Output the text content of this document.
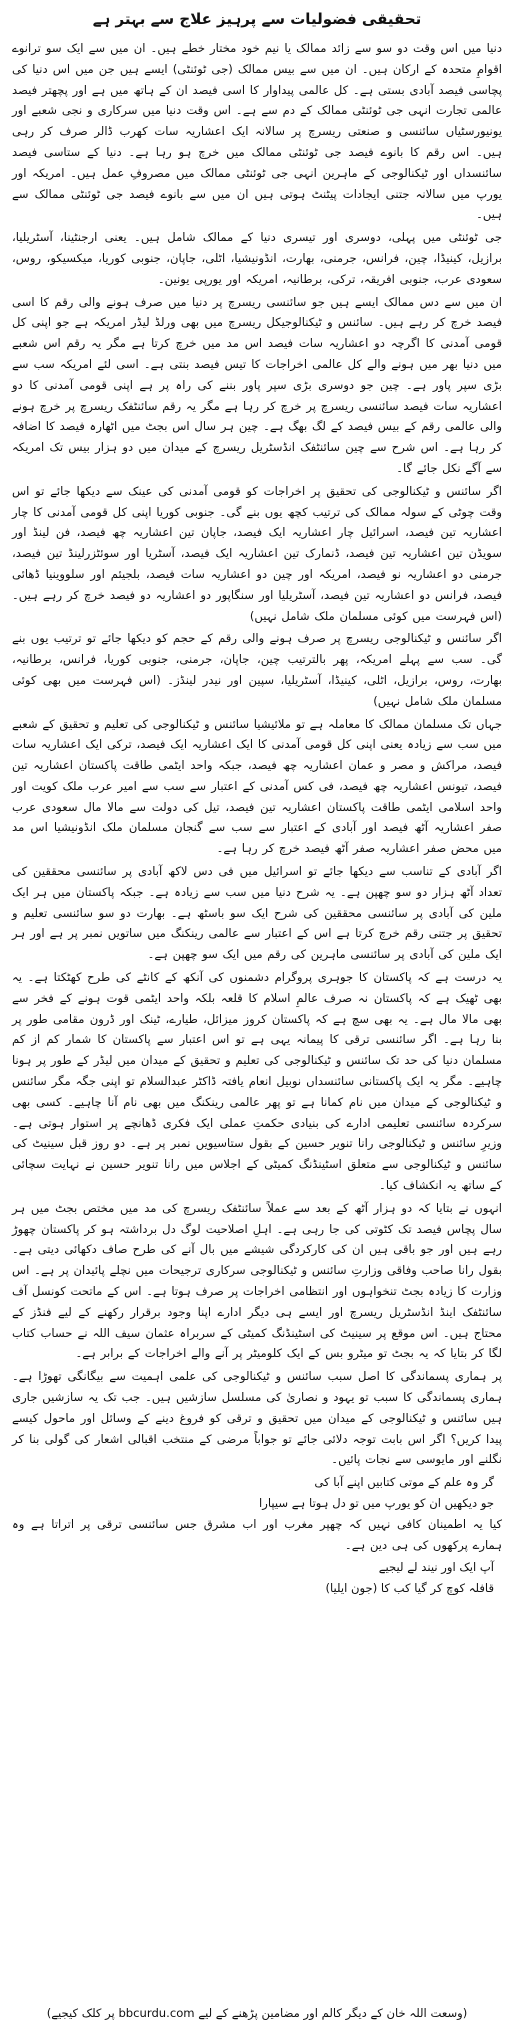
تحقیقی فضولیات سے پرہیز علاج سے بہتر ہے

دنیا میں اس وقت دو سو سے زائد ممالک یا نیم خود مختار خطے ہیں۔ ان میں سے ایک سو ترانوے اقوامِ متحدہ کے ارکان ہیں۔ ان میں سے بیس ممالک (جی ٹوئنٹی) ایسے ہیں جن میں اس دنیا کی پچاسی فیصد آبادی بستی ہے۔ کل عالمی پیداوار کا اسی فیصد ان کے ہاتھ میں ہے اور پچھتر فیصد عالمی تجارت انہی جی ٹوئنٹی ممالک کے دم سے ہے۔ اس وقت دنیا میں سرکاری و نجی شعبے اور یونیورسٹیاں سائنسی و صنعتی ریسرچ پر سالانہ ایک اعشاریہ سات کھرب ڈالر صرف کر رہی ہیں۔ اس رقم کا بانوے فیصد جی ٹوئنٹی ممالک میں خرچ ہو رہا ہے۔ دنیا کے ستاسی فیصد سائنسداں اور ٹیکنالوجی کے ماہرین انہی جی ٹوئنٹی ممالک میں مصروفِ عمل ہیں۔ امریکہ اور یورپ میں سالانہ جتنی ایجادات پیٹنٹ ہوتی ہیں ان میں سے بانوے فیصد جی ٹوئنٹی ممالک سے ہیں۔

جی ٹوئنٹی میں پہلی، دوسری اور تیسری دنیا کے ممالک شامل ہیں۔ یعنی ارجنٹینا، آسٹریلیا، برازیل، کینیڈا، چین، فرانس، جرمنی، بھارت، انڈونیشیا، اٹلی، جاپان، جنوبی کوریا، میکسیکو، روس، سعودی عرب، جنوبی افریقہ، ترکی، برطانیہ، امریکہ اور یورپی یونین۔

ان میں سے دس ممالک ایسے ہیں جو سائنسی ریسرچ پر دنیا میں صرف ہونے والی رقم کا اسی فیصد خرچ کر رہے ہیں۔ سائنس و ٹیکنالوجیکل ریسرچ میں بھی ورلڈ لیڈر امریکہ ہے جو اپنی کل قومی آمدنی کا اگرچہ دو اعشاریہ سات فیصد اس مد میں خرچ کرتا ہے مگر یہ رقم اس شعبے میں دنیا بھر میں ہونے والے کل عالمی اخراجات کا تیس فیصد بنتی ہے۔ اسی لئے امریکہ سب سے بڑی سپر پاور ہے۔ چین جو دوسری بڑی سپر پاور بننے کی راہ پر ہے اپنی قومی آمدنی کا دو اعشاریہ سات فیصد سائنسی ریسرچ پر خرچ کر رہا ہے مگر یہ رقم سائنٹفک ریسرچ پر خرچ ہونے والی عالمی رقم کے بیس فیصد کے لگ بھگ ہے۔ چین ہر سال اس بجٹ میں اٹھارہ فیصد کا اضافہ کر رہا ہے۔ اس شرح سے چین سائنٹفک انڈسٹریل ریسرچ کے میدان میں دو ہزار بیس تک امریکہ سے آگے نکل جائے گا۔

اگر سائنس و ٹیکنالوجی کی تحقیق پر اخراجات کو قومی آمدنی کی عینک سے دیکھا جائے تو اس وقت چوٹی کے سولہ ممالک کی ترتیب کچھ یوں بنے گی۔ جنوبی کوریا اپنی کل قومی آمدنی کا چار اعشاریہ تین فیصد، اسرائیل چار اعشاریہ ایک فیصد، جاپان تین اعشاریہ چھ فیصد، فن لینڈ اور سویڈن تین اعشاریہ تین فیصد، ڈنمارک تین اعشاریہ ایک فیصد، آسٹریا اور سوئٹزرلینڈ تین فیصد، جرمنی دو اعشاریہ نو فیصد، امریکہ اور چین دو اعشاریہ سات فیصد، بلجیئم اور سلووینیا ڈھائی فیصد، فرانس دو اعشاریہ تین فیصد، آسٹریلیا اور سنگاپور دو اعشاریہ دو فیصد خرچ کر رہے ہیں۔ (اس فہرست میں کوئی مسلمان ملک شامل نہیں)

اگر سائنس و ٹیکنالوجی ریسرچ پر صرف ہونے والی رقم کے حجم کو دیکھا جائے تو ترتیب یوں بنے گی۔ سب سے پہلے امریکہ، پھر بالترتیب چین، جاپان، جرمنی، جنوبی کوریا، فرانس، برطانیہ، بھارت، روس، برازیل، اٹلی، کینیڈا، آسٹریلیا، سپین اور نیدر لینڈز۔ (اس فہرست میں بھی کوئی مسلمان ملک شامل نہیں)

جہاں تک مسلمان ممالک کا معاملہ ہے تو ملائیشیا سائنس و ٹیکنالوجی کی تعلیم و تحقیق کے شعبے میں سب سے زیادہ یعنی اپنی کل قومی آمدنی کا ایک اعشاریہ ایک فیصد، ترکی ایک اعشاریہ سات فیصد، مراکش و مصر و عمان اعشاریہ چھ فیصد، جبکہ واحد ایٹمی طاقت پاکستان اعشاریہ تین فیصد، تیونس اعشاریہ چھ فیصد، فی کس آمدنی کے اعتبار سے سب سے امیر عرب ملک کویت اور واحد اسلامی ایٹمی طاقت پاکستان اعشاریہ تین فیصد، تیل کی دولت سے مالا مال سعودی عرب صفر اعشاریہ آٹھ فیصد اور آبادی کے اعتبار سے سب سے گنجان مسلمان ملک انڈونیشیا اس مد میں محض صفر اعشاریہ صفر آٹھ فیصد خرچ کر رہا ہے۔

اگر آبادی کے تناسب سے دیکھا جائے تو اسرائیل میں فی دس لاکھ آبادی پر سائنسی محققین کی تعداد آٹھ ہزار دو سو چھپن ہے۔ یہ شرح دنیا میں سب سے زیادہ ہے۔ جبکہ پاکستان میں ہر ایک ملین کی آبادی پر سائنسی محققین کی شرح ایک سو باسٹھ ہے۔ بھارت دو سو سائنسی تعلیم و تحقیق پر جتنی رقم خرچ کرتا ہے اس کے اعتبار سے عالمی رینکنگ میں ساتویں نمبر پر ہے اور ہر ایک ملین کی آبادی پر سائنسی ماہرین کی رقم میں ایک سو چھپن ہے۔

یہ درست ہے کہ پاکستان کا جوہری پروگرام دشمنوں کی آنکھ کے کانٹے کی طرح کھٹکتا ہے۔ یہ بھی ٹھیک ہے کہ پاکستان نہ صرف عالمِ اسلام کا قلعہ بلکہ واحد ایٹمی قوت ہونے کے فخر سے بھی مالا مال ہے۔ یہ بھی سچ ہے کہ پاکستان کروز میزائل، طیارے، ٹینک اور ڈرون مقامی طور پر بنا رہا ہے۔ اگر سائنسی ترقی کا پیمانہ یہی ہے تو اس اعتبار سے پاکستان کا شمار کم از کم مسلمان دنیا کی حد تک سائنس و ٹیکنالوجی کی تعلیم و تحقیق کے میدان میں لیڈر کے طور پر ہونا چاہیے۔ مگر یہ ایک پاکستانی سائنسداں نوبیل انعام یافتہ ڈاکٹر عبدالسلام تو اپنی جگہ مگر سائنس و ٹیکنالوجی کے میدان میں نام کمانا ہے تو پھر عالمی رینکنگ میں بھی نام آنا چاہیے۔ کسی بھی سرکردہ سائنسی تعلیمی ادارے کی بنیادی حکمتِ عملی ایک فکری ڈھانچے پر استوار ہوتی ہے۔ وزیرِ سائنس و ٹیکنالوجی رانا تنویر حسین کے بقول ستاسیویں نمبر پر ہے۔ دو روز قبل سینیٹ کی سائنس و ٹیکنالوجی سے متعلق اسٹینڈنگ کمیٹی کے اجلاس میں رانا تنویر حسین نے نہایت سچائی کے ساتھ یہ انکشاف کیا۔

انہوں نے بتایا کہ دو ہزار آٹھ کے بعد سے عملاً سائنٹفک ریسرچ کی مد میں مختص بجٹ میں ہر سال پچاس فیصد تک کٹوتی کی جا رہی ہے۔ اہلِ اصلاحیت لوگ دل برداشتہ ہو کر پاکستان چھوڑ رہے ہیں اور جو باقی ہیں ان کی کارکردگی شیشے میں بال آنے کی طرح صاف دکھائی دیتی ہے۔ بقول رانا صاحب وفاقی وزارتِ سائنس و ٹیکنالوجی سرکاری ترجیحات میں نچلے پائیدان پر ہے۔ اس وزارت کا زیادہ بجٹ تنخواہوں اور انتظامی اخراجات پر صرف ہوتا ہے۔ اس کے ماتحت کونسل آف سائنٹفک اینڈ انڈسٹریل ریسرچ اور ایسے ہی دیگر ادارے اپنا وجود برقرار رکھنے کے لیے فنڈز کے محتاج ہیں۔ اس موقع پر سینیٹ کی اسٹینڈنگ کمیٹی کے سربراہ عثمان سیف اللہ نے حساب کتاب لگا کر بتایا کہ یہ بجٹ تو میٹرو بس کے ایک کلومیٹر پر آنے والے اخراجات کے برابر ہے۔

پر ہماری پسماندگی کا اصل سبب سائنس و ٹیکنالوجی کی علمی اہمیت سے بیگانگی تھوڑا ہے۔ ہماری پسماندگی کا سبب تو یہود و نصاریٰ کی مسلسل سازشیں ہیں۔ جب تک یہ سازشیں جاری ہیں سائنس و ٹیکنالوجی کے میدان میں تحقیق و ترقی کو فروغ دینے کے وسائل اور ماحول کیسے پیدا کریں؟ اگر اس بابت توجہ دلائی جائے تو جواباً مرضی کے منتخب اقبالی اشعار کی گولی بنا کر نگلنے اور مایوسی سے نجات پائیں۔

گر وہ علم کے موتی کتابیں اپنے آبا کی

جو دیکھیں ان کو یورپ میں تو دل ہوتا ہے سیپارا

کیا یہ اطمینان کافی نہیں کہ چھپر مغرب اور اب مشرق جس سائنسی ترقی پر اتراتا ہے وہ ہمارے پرکھوں کی ہی دین ہے۔

آپ ایک اور نیند لے لیجیے

قافلہ کوچ کر گیا کب کا (جون ایلیا)

(وسعت اللہ خان کے دیگر کالم اور مضامین پڑھنے کے لیے bbcurdu.com پر کلک کیجیے)
